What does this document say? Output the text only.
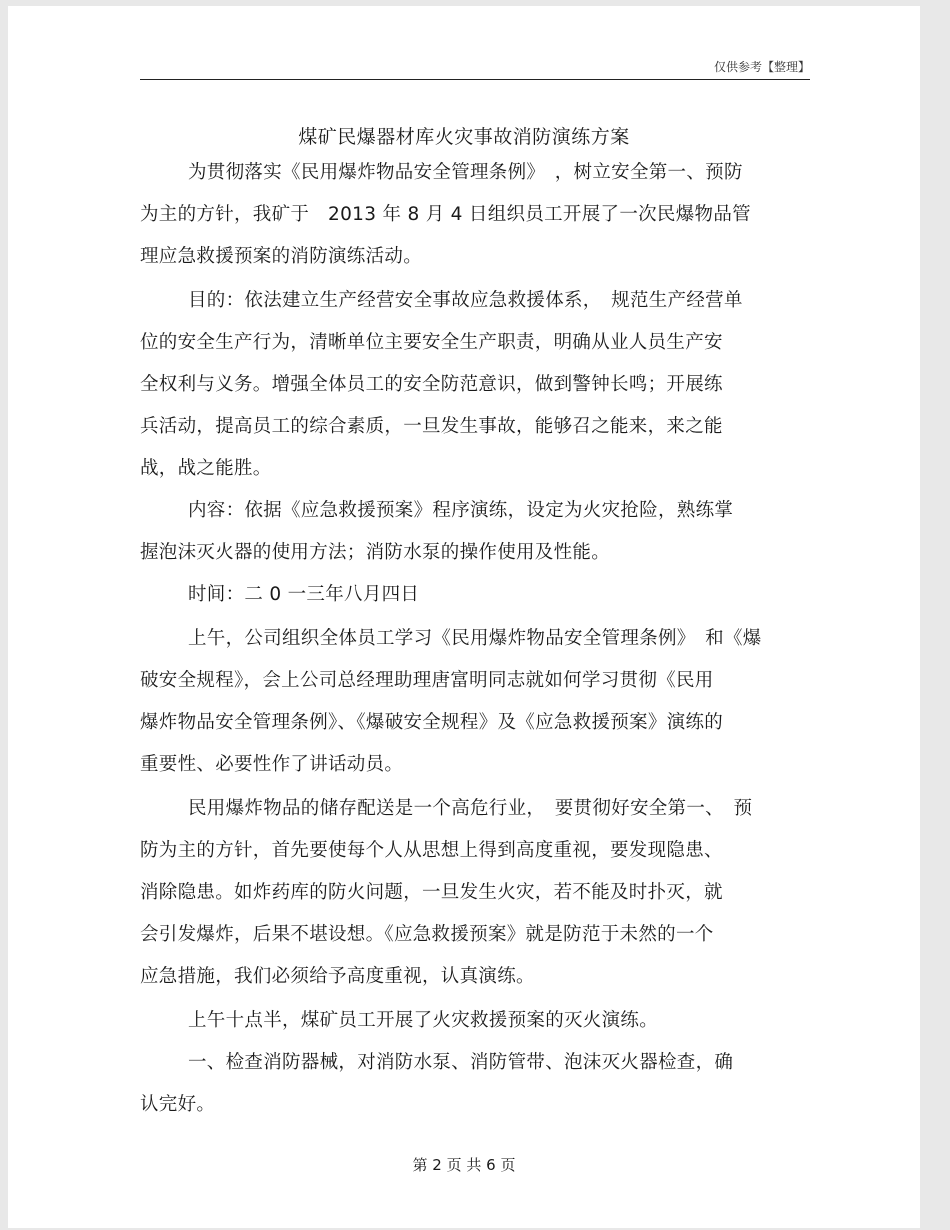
仅供参考【整理】
煤矿民爆器材库火灾事故消防演练方案
为贯彻落实《民用爆炸物品安全管理条例》　，树立安全第一、预防
为主的方针，我矿于　2013 年 8 月 4 日组织员工开展了一次民爆物品管
理应急救援预案的消防演练活动。
目的：依法建立生产经营安全事故应急救援体系，　规范生产经营单
位的安全生产行为，清晰单位主要安全生产职责，明确从业人员生产安
全权利与义务。增强全体员工的安全防范意识，做到警钟长鸣；开展练
兵活动，提高员工的综合素质，一旦发生事故，能够召之能来，来之能
战，战之能胜。
内容：依据《应急救援预案》程序演练，设定为火灾抢险，熟练掌
握泡沫灭火器的使用方法；消防水泵的操作使用及性能。
时间：二 0 一三年八月四日
上午，公司组织全体员工学习《民用爆炸物品安全管理条例》　和《爆
破安全规程》，会上公司总经理助理唐富明同志就如何学习贯彻《民用
爆炸物品安全管理条例》、《爆破安全规程》及《应急救援预案》演练的
重要性、必要性作了讲话动员。
民用爆炸物品的储存配送是一个高危行业，　要贯彻好安全第一、　预
防为主的方针，首先要使每个人从思想上得到高度重视，要发现隐患、
消除隐患。如炸药库的防火问题，一旦发生火灾，若不能及时扑灭，就
会引发爆炸，后果不堪设想。《应急救援预案》就是防范于未然的一个
应急措施，我们必须给予高度重视，认真演练。
上午十点半，煤矿员工开展了火灾救援预案的灭火演练。
一、检查消防器械，对消防水泵、消防管带、泡沫灭火器检查，确
认完好。
第 2 页 共 6 页
